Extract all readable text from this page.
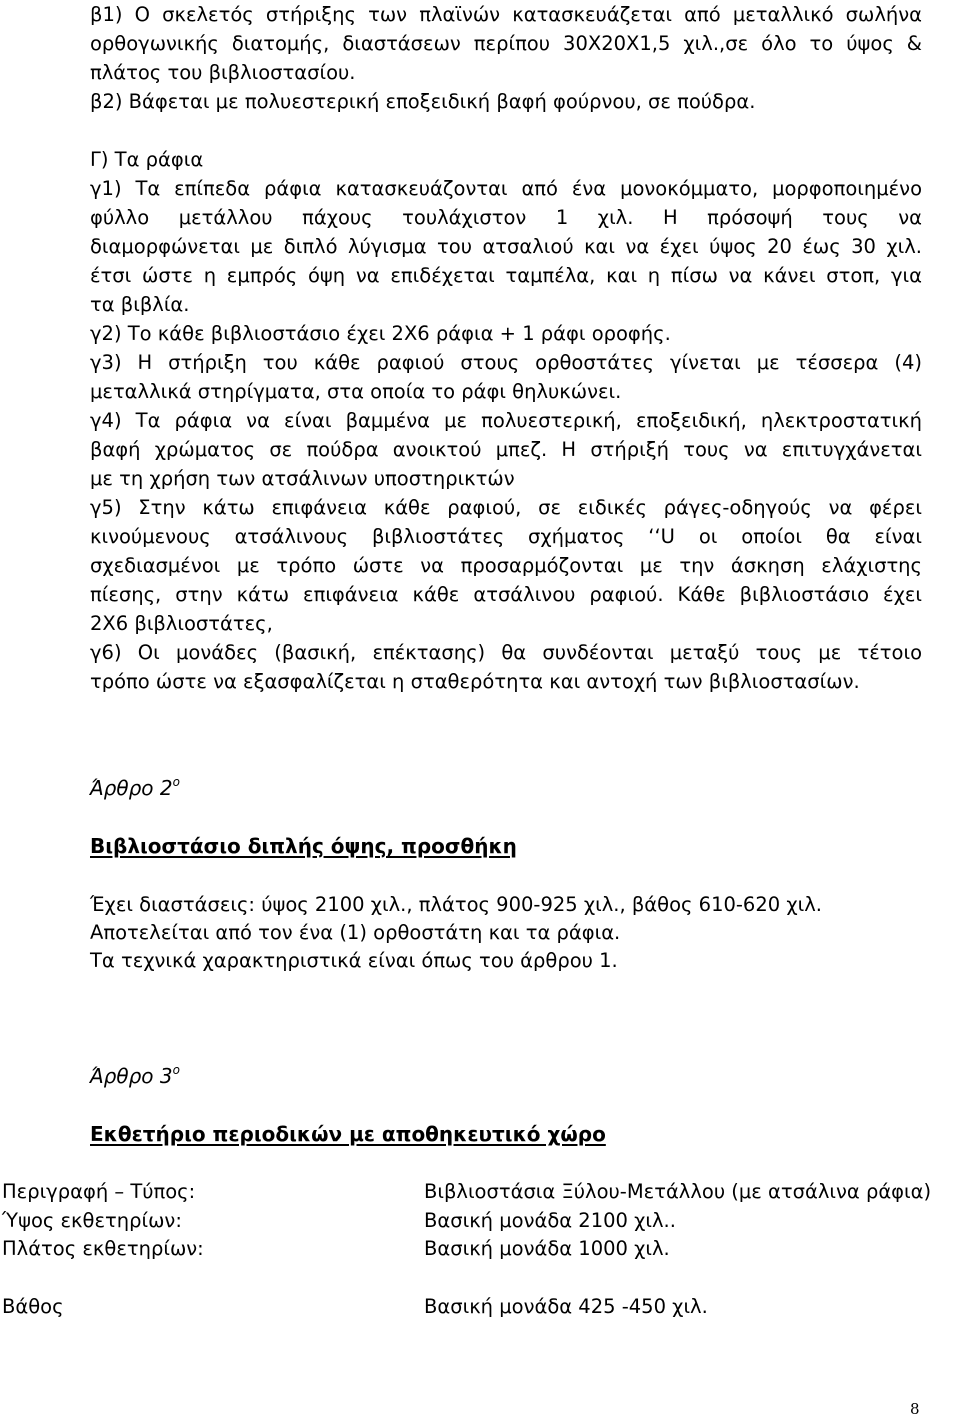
β1) Ο σκελετός στήριξης των πλαϊνών κατασκευάζεται από μεταλλικό σωλήνα
ορθογωνικής διατομής, διαστάσεων περίπου 30Χ20Χ1,5 χιλ.,σε όλο το ύψος &
πλάτος του βιβλιοστασίου.
β2) Βάφεται με πολυεστερική εποξειδική βαφή φούρνου, σε πούδρα.
Γ) Τα ράφια
γ1) Τα επίπεδα ράφια κατασκευάζονται από ένα μονοκόμματο, μορφοποιημένο
φύλλο μετάλλου πάχους τουλάχιστον 1 χιλ. Η πρόσοψή τους να
διαμορφώνεται με διπλό λύγισμα του ατσαλιού και να έχει ύψος 20 έως 30 χιλ.
έτσι ώστε η εμπρός όψη να επιδέχεται ταμπέλα, και η πίσω να κάνει στοπ, για
τα βιβλία.
γ2) Το κάθε βιβλιοστάσιο έχει 2Χ6 ράφια + 1 ράφι οροφής.
γ3) Η στήριξη του κάθε ραφιού στους ορθοστάτες γίνεται με τέσσερα (4)
μεταλλικά στηρίγματα, στα οποία το ράφι θηλυκώνει.
γ4) Τα ράφια να είναι βαμμένα με πολυεστερική, εποξειδική, ηλεκτροστατική
βαφή χρώματος σε πούδρα ανοικτού μπεζ. Η στήριξή τους να επιτυγχάνεται
με τη χρήση των ατσάλινων υποστηρικτών
γ5) Στην κάτω επιφάνεια κάθε ραφιού, σε ειδικές ράγες-οδηγούς να φέρει
κινούμενους ατσάλινους βιβλιοστάτες σχήματος ‘‘U οι οποίοι θα είναι
σχεδιασμένοι με τρόπο ώστε να προσαρμόζονται με την άσκηση ελάχιστης
πίεσης, στην κάτω επιφάνεια κάθε ατσάλινου ραφιού. Κάθε βιβλιοστάσιο έχει
2Χ6 βιβλιοστάτες,
γ6) Οι μονάδες (βασική, επέκτασης) θα συνδέονται μεταξύ τους με τέτοιο
τρόπο ώστε να εξασφαλίζεται η σταθερότητα και αντοχή των βιβλιοστασίων.
Άρθρο $2^o$
Βιβλιοστάσιο διπλής όψης, προσθήκη
Έχει διαστάσεις: ύψος 2100 χιλ., πλάτος 900-925 χιλ., βάθος 610-620 χιλ.
Αποτελείται από τον ένα (1) ορθοστάτη και τα ράφια.
Τα τεχνικά χαρακτηριστικά είναι όπως του άρθρου 1.
Άρθρο $3^o$
Εκθετήριο περιοδικών με αποθηκευτικό χώρο
Περιγραφή – Τύπος:	Βιβλιοστάσια Ξύλου-Μετάλλου (με ατσάλινα ράφια)
Ύψος εκθετηρίων:	Βασική μονάδα 2100 χιλ..
Πλάτος εκθετηρίων:	Βασική μονάδα 1000 χιλ.
Βάθος	Βασική μονάδα 425 -450 χιλ.
8
